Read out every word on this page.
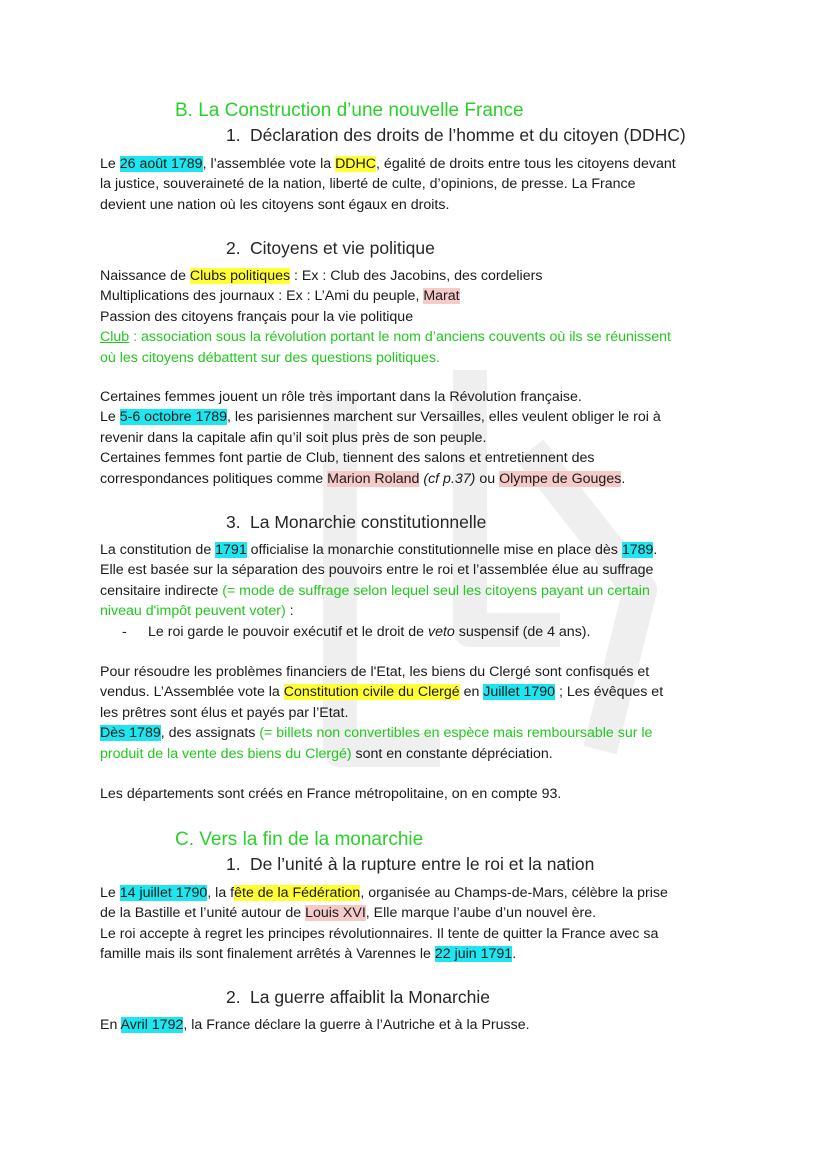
B. La Construction d’une nouvelle France
1. Déclaration des droits de l’homme et du citoyen (DDHC)
Le 26 août 1789, l’assemblée vote la DDHC, égalité de droits entre tous les citoyens devant
la justice, souveraineté de la nation, liberté de culte, d’opinions, de presse. La France
devient une nation où les citoyens sont égaux en droits.
2. Citoyens et vie politique
Naissance de Clubs politiques : Ex : Club des Jacobins, des cordeliers
Multiplications des journaux : Ex : L’Ami du peuple, Marat
Passion des citoyens français pour la vie politique
Club : association sous la révolution portant le nom d’anciens couvents où ils se réunissent
où les citoyens débattent sur des questions politiques.
Certaines femmes jouent un rôle très important dans la Révolution française.
Le 5-6 octobre 1789, les parisiennes marchent sur Versailles, elles veulent obliger le roi à
revenir dans la capitale afin qu’il soit plus près de son peuple.
Certaines femmes font partie de Club, tiennent des salons et entretiennent des
correspondances politiques comme Marion Roland (cf p.37) ou Olympe de Gouges.
3. La Monarchie constitutionnelle
La constitution de 1791 officialise la monarchie constitutionnelle mise en place dès 1789.
Elle est basée sur la séparation des pouvoirs entre le roi et l’assemblée élue au suffrage
censitaire indirecte (= mode de suffrage selon lequel seul les citoyens payant un certain
niveau d'impôt peuvent voter) :
- Le roi garde le pouvoir exécutif et le droit de veto suspensif (de 4 ans).
Pour résoudre les problèmes financiers de l'Etat, les biens du Clergé sont confisqués et
vendus. L’Assemblée vote la Constitution civile du Clergé en Juillet 1790 ; Les évêques et
les prêtres sont élus et payés par l’Etat.
Dès 1789, des assignats (= billets non convertibles en espèce mais remboursable sur le
produit de la vente des biens du Clergé) sont en constante dépréciation.
Les départements sont créés en France métropolitaine, on en compte 93.
C. Vers la fin de la monarchie
1. De l’unité à la rupture entre le roi et la nation
Le 14 juillet 1790, la fête de la Fédération, organisée au Champs-de-Mars, célèbre la prise
de la Bastille et l’unité autour de Louis XVI, Elle marque l’aube d’un nouvel ère.
Le roi accepte à regret les principes révolutionnaires. Il tente de quitter la France avec sa
famille mais ils sont finalement arrêtés à Varennes le 22 juin 1791.
2. La guerre affaiblit la Monarchie
En Avril 1792, la France déclare la guerre à l’Autriche et à la Prusse.
